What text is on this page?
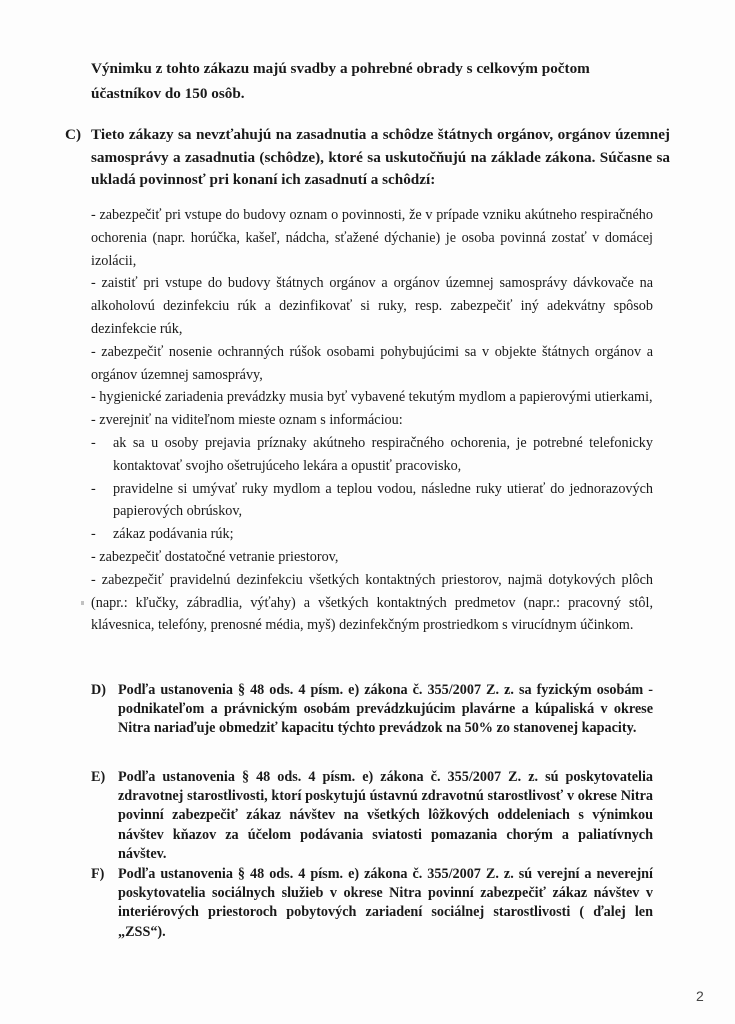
Výnimku z tohto zákazu majú svadby a pohrebné obrady s celkovým počtom účastníkov do 150 osôb.
C) Tieto zákazy sa nevzťahujú na zasadnutia a schôdze štátnych orgánov, orgánov územnej samosprávy a zasadnutia (schôdze), ktoré sa uskutočňujú na základe zákona. Súčasne sa ukladá povinnosť pri konaní ich zasadnutí a schôdzí:
- zabezpečiť pri vstupe do budovy oznam o povinnosti, že v prípade vzniku akútneho respiračného ochorenia (napr. horúčka, kašeľ, nádcha, sťažené dýchanie) je osoba povinná zostať v domácej izolácii,
- zaistiť pri vstupe do budovy štátnych orgánov a orgánov územnej samosprávy dávkovače na alkoholovú dezinfekciu rúk a dezinfikovať si ruky, resp. zabezpečiť iný adekvátny spôsob dezinfekcie rúk,
- zabezpečiť nosenie ochranných rúšok osobami pohybujúcimi sa v objekte štátnych orgánov a orgánov územnej samosprávy,
- hygienické zariadenia prevádzky musia byť vybavené tekutým mydlom a papierovými utierkami,
- zverejniť na viditeľnom mieste oznam s informáciou:
- ak sa u osoby prejavia príznaky akútneho respiračného ochorenia, je potrebné telefonicky kontaktovať svojho ošetrujúceho lekára a opustiť pracovisko,
- pravidelne si umývať ruky mydlom a teplou vodou, následne ruky utierať do jednorazových papierových obrúskov,
- zákaz podávania rúk;
- zabezpečiť dostatočné vetranie priestorov,
- zabezpečiť pravidelnú dezinfekciu všetkých kontaktných priestorov, najmä dotykových plôch (napr.: kľučky, zábradlia, výťahy) a všetkých kontaktných predmetov (napr.: pracovný stôl, klávesnica, telefóny, prenosné média, myš) dezinfekčným prostriedkom s virucídnym účinkom.
D) Podľa ustanovenia § 48 ods. 4 písm. e) zákona č. 355/2007 Z. z. sa fyzickým osobám - podnikateľom a právnickým osobám prevádzkujúcim plavárne a kúpaliská v okrese Nitra nariaďuje obmedziť kapacitu týchto prevádzok na 50% zo stanovenej kapacity.
E) Podľa ustanovenia § 48 ods. 4 písm. e) zákona č. 355/2007 Z. z. sú poskytovatelia zdravotnej starostlivosti, ktorí poskytujú ústavnú zdravotnú starostlivosť v okrese Nitra povinní zabezpečiť zákaz návštev na všetkých lôžkových oddeleniach s výnimkou návštev kňazov za účelom podávania sviatosti pomazania chorým a paliatívnych návštev.
F) Podľa ustanovenia § 48 ods. 4 písm. e) zákona č. 355/2007 Z. z. sú verejní a neverejní poskytovatelia sociálnych služieb v okrese Nitra povinní zabezpečiť zákaz návštev v interiérových priestoroch pobytových zariadení sociálnej starostlivosti ( ďalej len „ZSS“).
2
